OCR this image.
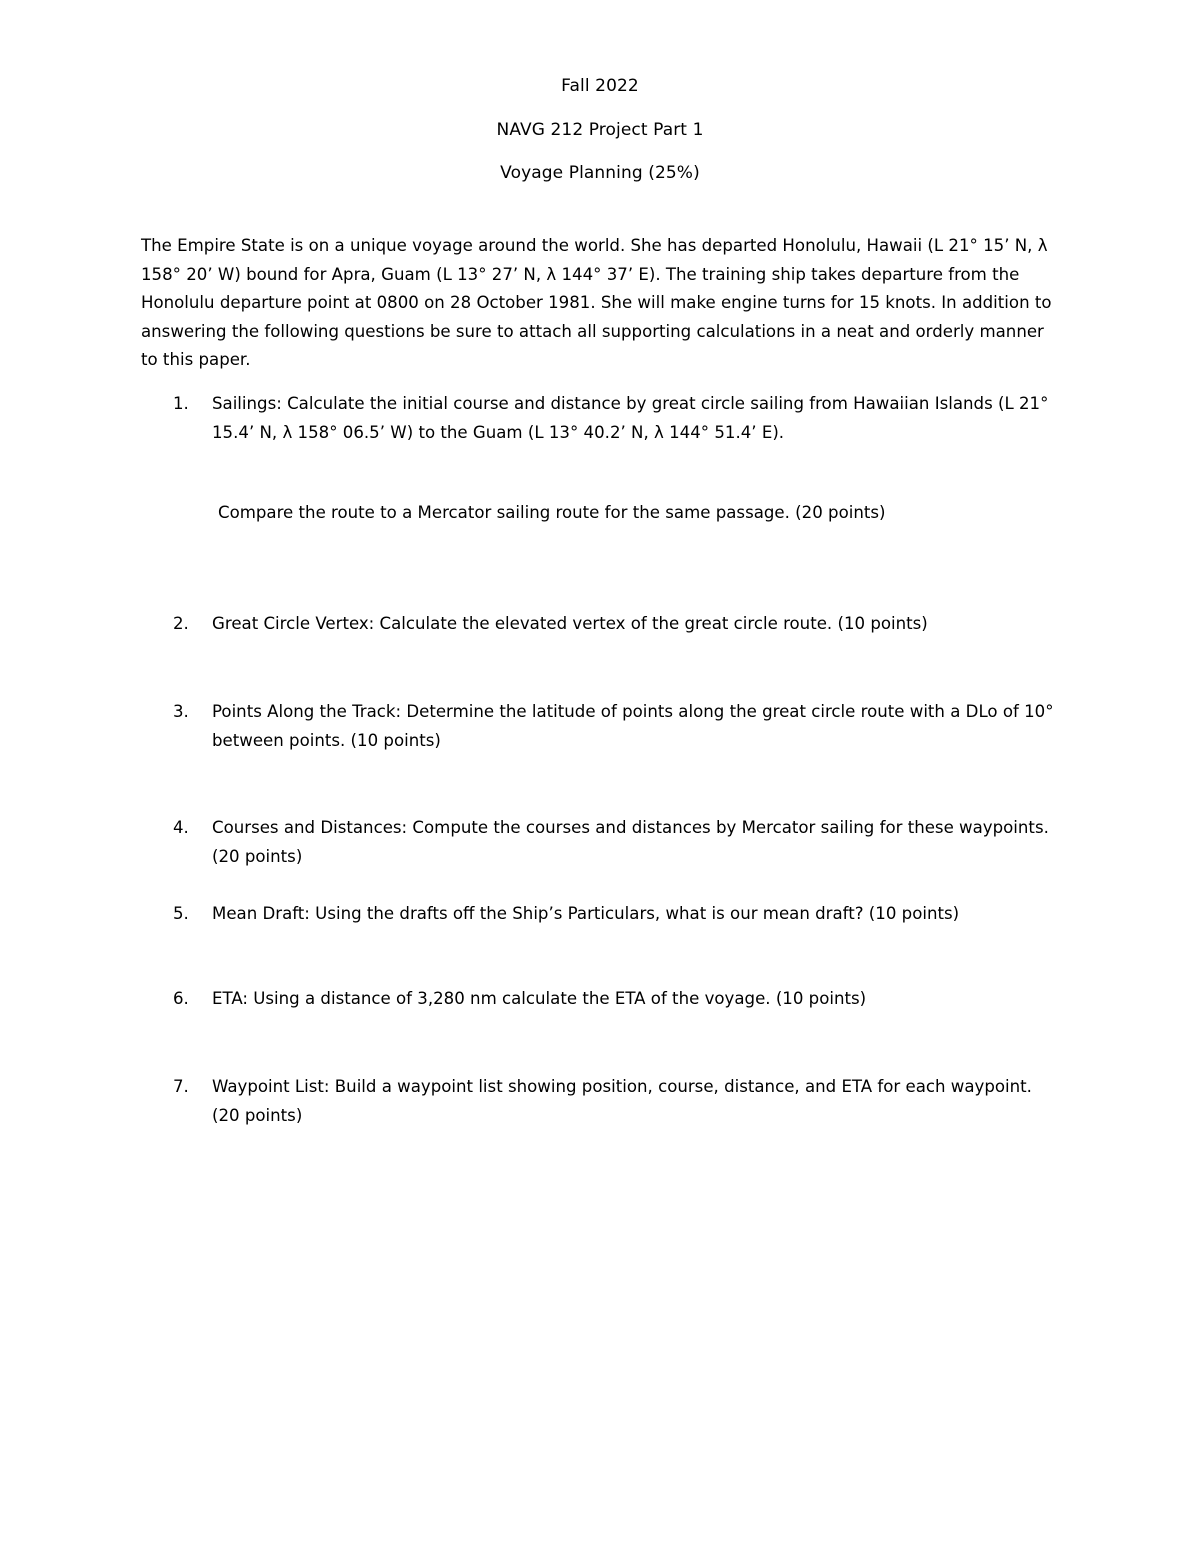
Fall 2022
NAVG 212 Project Part 1
Voyage Planning (25%)

The Empire State is on a unique voyage around the world. She has departed Honolulu, Hawaii (L 21° 15’ N, λ 158° 20’ W) bound for Apra, Guam (L 13° 27’ N, λ 144° 37’ E). The training ship takes departure from the Honolulu departure point at 0800 on 28 October 1981. She will make engine turns for 15 knots. In addition to answering the following questions be sure to attach all supporting calculations in a neat and orderly manner to this paper.

1. Sailings: Calculate the initial course and distance by great circle sailing from Hawaiian Islands (L 21° 15.4’ N, λ 158° 06.5’ W) to the Guam (L 13° 40.2’ N, λ 144° 51.4’ E).
Compare the route to a Mercator sailing route for the same passage. (20 points)
2. Great Circle Vertex: Calculate the elevated vertex of the great circle route. (10 points)
3. Points Along the Track: Determine the latitude of points along the great circle route with a DLo of 10° between points. (10 points)
4. Courses and Distances: Compute the courses and distances by Mercator sailing for these waypoints. (20 points)
5. Mean Draft: Using the drafts off the Ship’s Particulars, what is our mean draft? (10 points)
6. ETA: Using a distance of 3,280 nm calculate the ETA of the voyage. (10 points)
7. Waypoint List: Build a waypoint list showing position, course, distance, and ETA for each waypoint. (20 points)
